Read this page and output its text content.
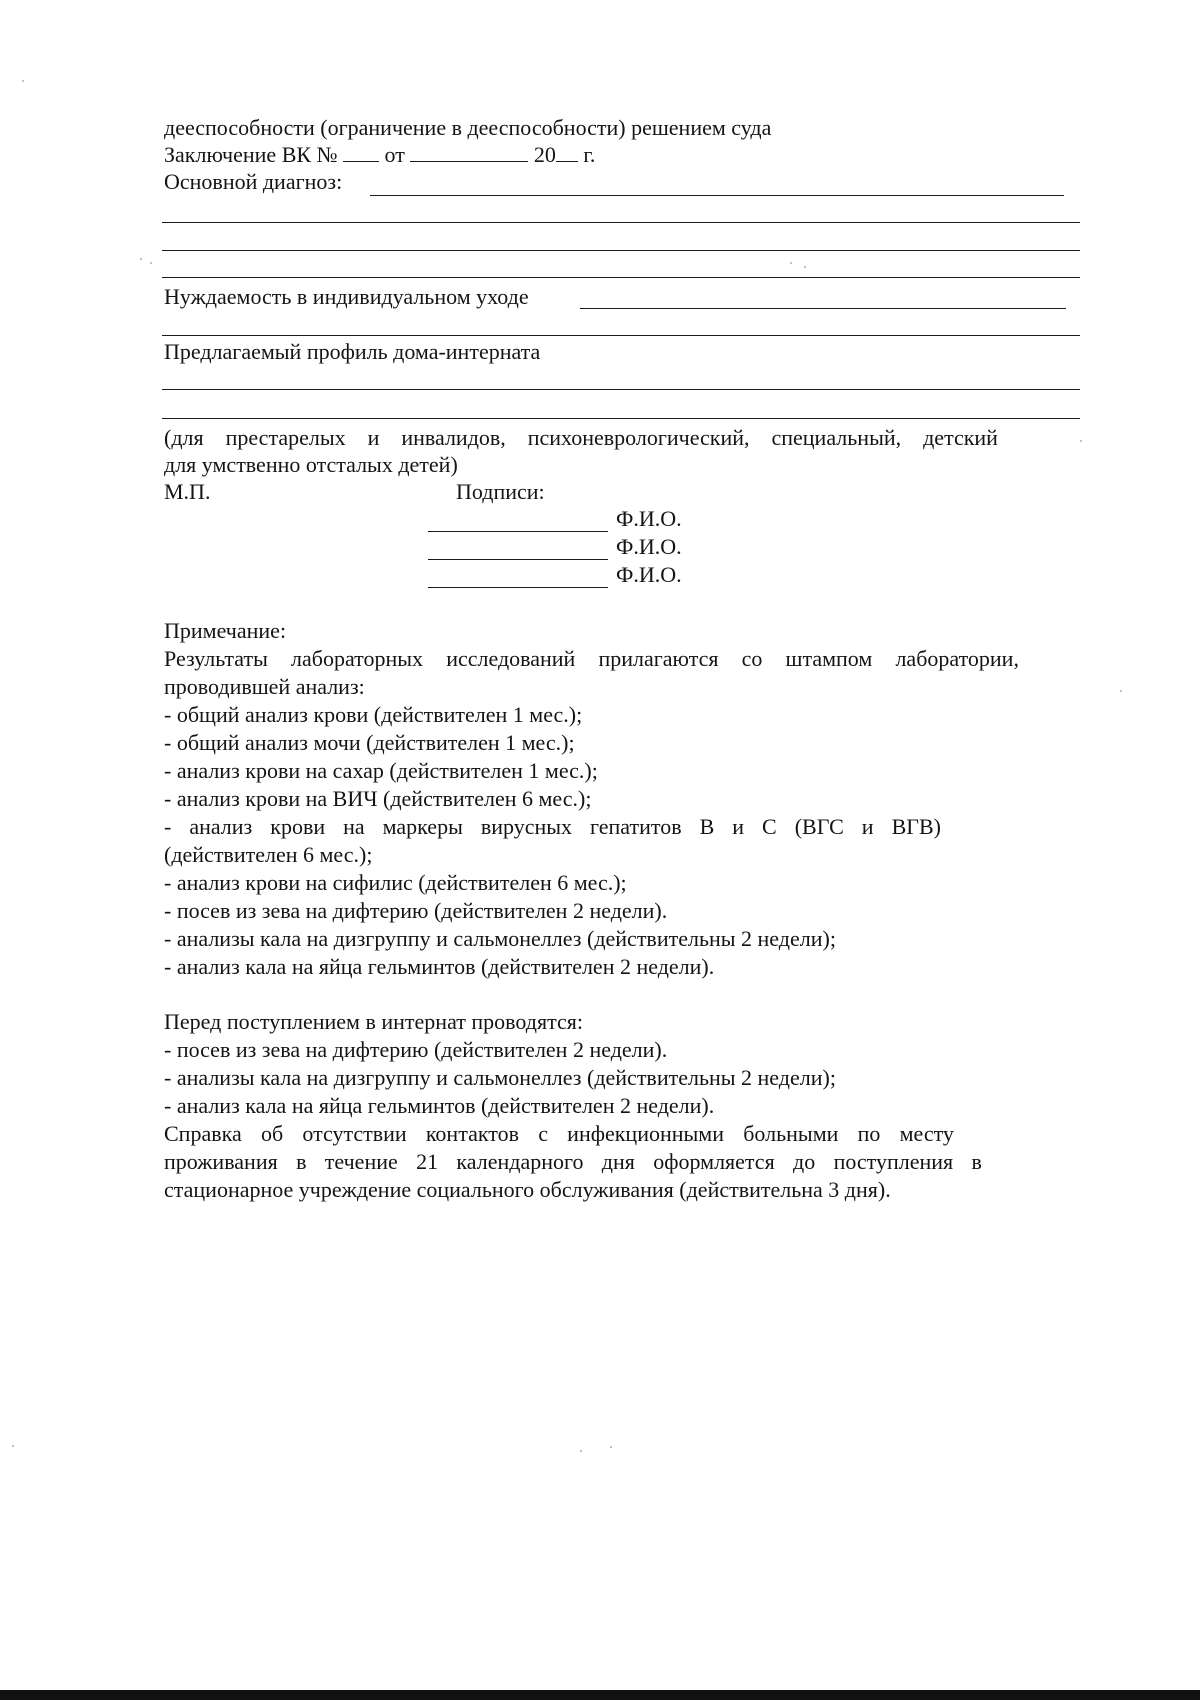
дееспособности (ограничение в дееспособности) решением суда
Заключение ВК № от	20 г.
Основной диагноз:
Нуждаемость в индивидуальном уходе
Предлагаемый профиль дома-интерната
(для престарелых и инвалидов, психоневрологический, специальный, детский
для умственно отсталых детей)
М.П.	Подписи:
Ф.И.О.
Ф.И.О.
Ф.И.О.
Примечание:
Результаты лабораторных исследований прилагаются со штампом лаборатории,
проводившей анализ:
- общий анализ крови (действителен 1 мес.);
- общий анализ мочи (действителен 1 мес.);
- анализ крови на сахар (действителен 1 мес.);
- анализ крови на ВИЧ (действителен 6 мес.);
- анализ крови на маркеры вирусных гепатитов В и С (ВГС и ВГВ)
(действителен 6 мес.);
- анализ крови на сифилис (действителен 6 мес.);
- посев из зева на дифтерию (действителен 2 недели).
- анализы кала на дизгруппу и сальмонеллез (действительны 2 недели);
- анализ кала на яйца гельминтов (действителен 2 недели).
Перед поступлением в интернат проводятся:
- посев из зева на дифтерию (действителен 2 недели).
- анализы кала на дизгруппу и сальмонеллез (действительны 2 недели);
- анализ кала на яйца гельминтов (действителен 2 недели).
Справка об отсутствии контактов с инфекционными больными по месту
проживания в течение 21 календарного дня оформляется до поступления в
стационарное учреждение социального обслуживания (действительна 3 дня).
